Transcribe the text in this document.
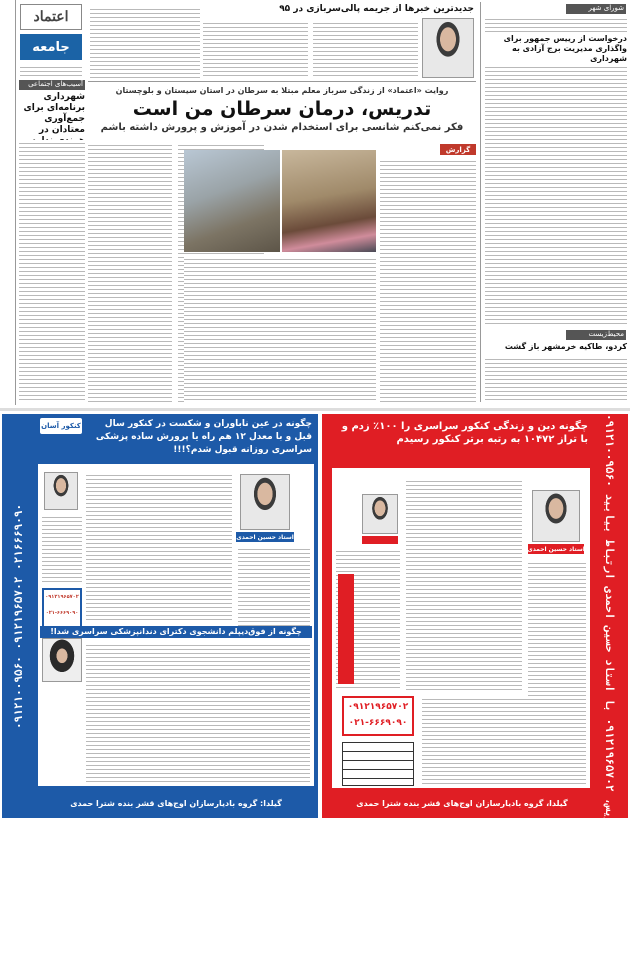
اعتماد
جامعه
آسیب‌های اجتماعی
شهرداری برنامه‌ای برای جمع‌آوری معتادان در
جدیدترین خبرها از جریمه پالی‌سربازی در ۹۵
روایت «اعتماد» از زندگی سرباز معلم مبتلا به سرطان در استان سیستان و بلوچستان
تدریس، درمان سرطان من است
فکر نمی‌کنم شانسی برای استخدام شدن در آموزش و پرورش داشته باشم
گزارش
شورای شهر
درخواست از رییس جمهور برای واگذاری مدیریت برج آزادی به شهرداری
محیط‌زیست
کردو، طاکیه خرمشهر باز گشت
چگونه دین و زندگی کنکور سراسری را ۱۰۰٪ زدم و با تراز ۱۰۴۷۲ به رتبه برتر کنکور رسیدم	با ۱۷ سال تجربه در تدریس، ۰۹۱۲۱۹۶۵۷۰۲ با استاد حسین احمدی ارتباط بیابید ۰۹۱۲۱۰۰۹۵۶۰
استاد حسین احمدی
۰۹۱۲۱۹۶۵۷۰۲
۰۲۱-۶۶۶۹۰۹۰
گیلدا، گروه بادیارسازان اوج‌های قشر بنده شترا حمدی
۰۹۱۲۱۰۰۹۵۶۰ ۰۹۱۲۱۹۶۵۷۰۲ ۰۲۱۶۶۶۹۰۹۰
کنکور آسان	چگونه در عین ناباوران و شکست در کنکور سال قبل و با معدل ۱۲ هم راه یا پرورش ساده پزشکی سراسری روزانه قبول شدم؟!!!
استاد حسین احمدی
۰۹۱۲۱۹۶۵۷۰۲
۰۲۱-۶۶۶۹۰۹۰
چگونه از فوق‌دیپلم دانشجوی دکترای دندانپزشکی سراسری شدا!
گیلدا: گروه بادیارسازان اوج‌های قشر بنده شترا حمدی
